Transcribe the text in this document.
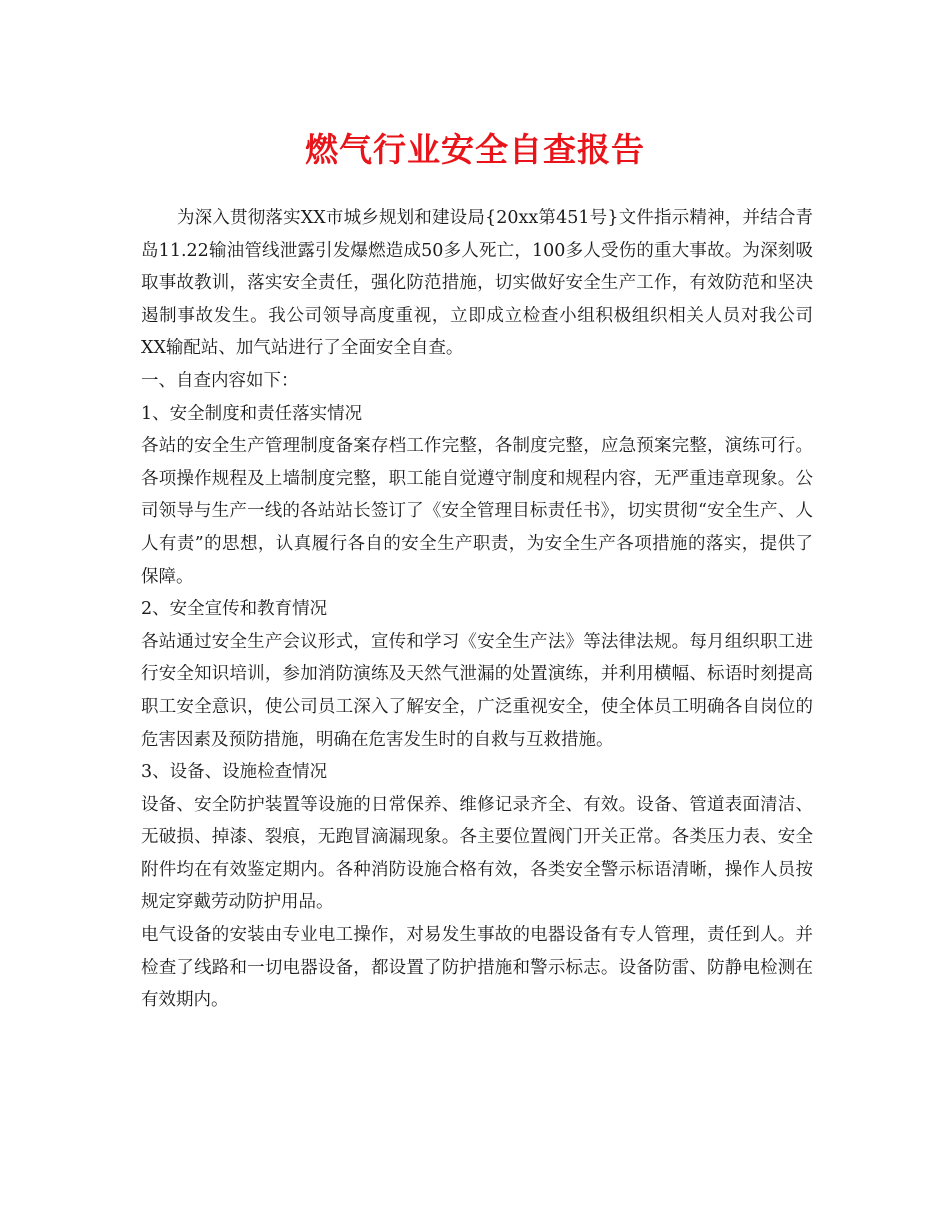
燃气行业安全自查报告

为深入贯彻落实XX市城乡规划和建设局{20xx第451号}文件指示精神，并结合青岛11.22输油管线泄露引发爆燃造成50多人死亡，100多人受伤的重大事故。为深刻吸取事故教训，落实安全责任，强化防范措施，切实做好安全生产工作，有效防范和坚决遏制事故发生。我公司领导高度重视，立即成立检查小组积极组织相关人员对我公司XX输配站、加气站进行了全面安全自查。

一、自查内容如下：

1、安全制度和责任落实情况

各站的安全生产管理制度备案存档工作完整，各制度完整，应急预案完整，演练可行。各项操作规程及上墙制度完整，职工能自觉遵守制度和规程内容，无严重违章现象。公司领导与生产一线的各站站长签订了《安全管理目标责任书》，切实贯彻“安全生产、人人有责”的思想，认真履行各自的安全生产职责，为安全生产各项措施的落实，提供了保障。

2、安全宣传和教育情况

各站通过安全生产会议形式，宣传和学习《安全生产法》等法律法规。每月组织职工进行安全知识培训，参加消防演练及天然气泄漏的处置演练，并利用横幅、标语时刻提高职工安全意识，使公司员工深入了解安全，广泛重视安全，使全体员工明确各自岗位的危害因素及预防措施，明确在危害发生时的自救与互救措施。

3、设备、设施检查情况

设备、安全防护装置等设施的日常保养、维修记录齐全、有效。设备、管道表面清洁、无破损、掉漆、裂痕，无跑冒滴漏现象。各主要位置阀门开关正常。各类压力表、安全附件均在有效鉴定期内。各种消防设施合格有效，各类安全警示标语清晰，操作人员按规定穿戴劳动防护用品。

电气设备的安装由专业电工操作，对易发生事故的电器设备有专人管理，责任到人。并检查了线路和一切电器设备，都设置了防护措施和警示标志。设备防雷、防静电检测在有效期内。
